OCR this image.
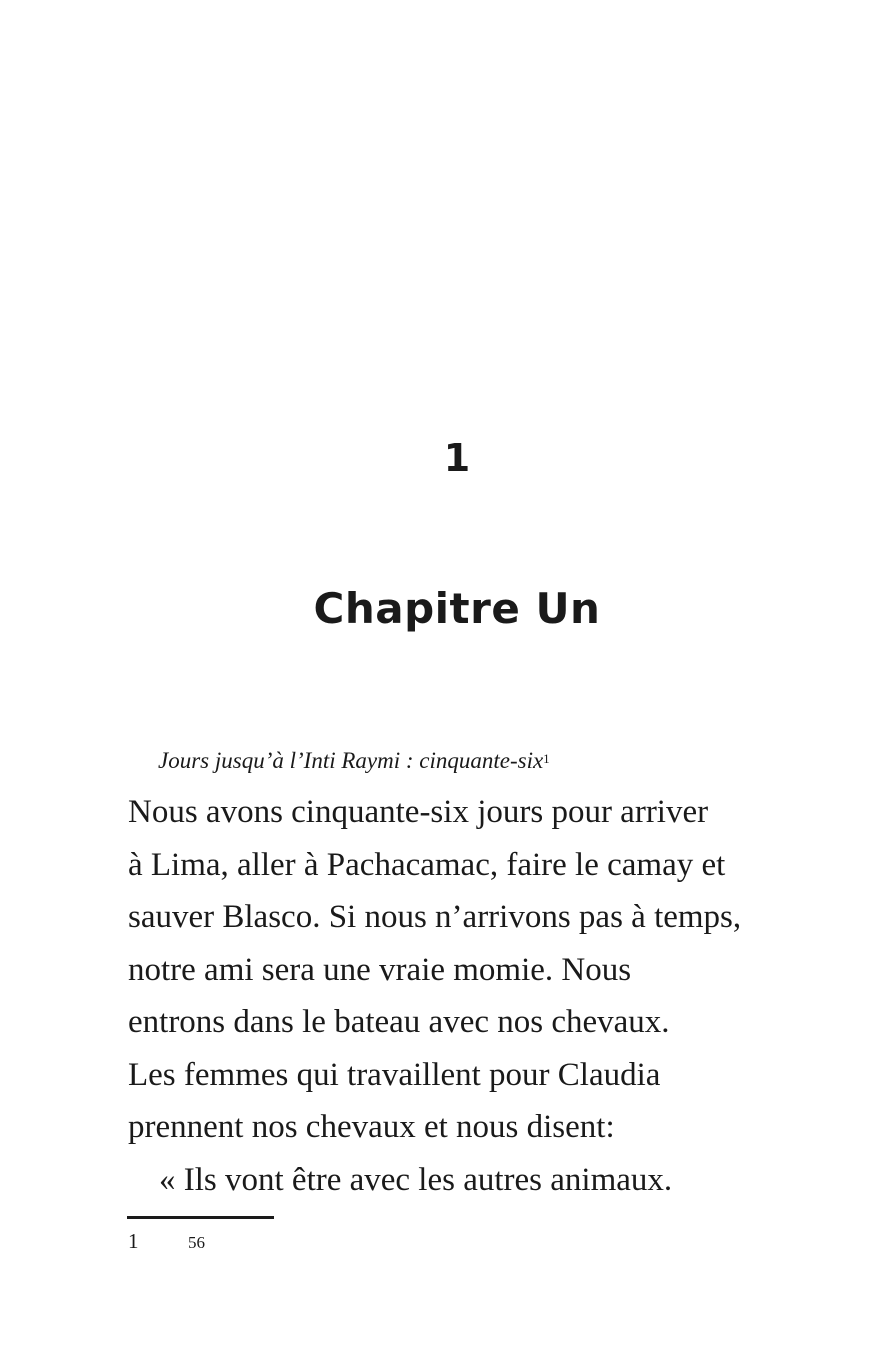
1
Chapitre Un
Jours jusqu’à l’Inti Raymi : cinquante-six$^1$
Nous avons cinquante-six jours pour arriver
à Lima, aller à Pachacamac, faire le camay et
sauver Blasco. Si nous n’arrivons pas à temps,
notre ami sera une vraie momie. Nous
entrons dans le bateau avec nos chevaux.
Les femmes qui travaillent pour Claudia
prennent nos chevaux et nous disent:
« Ils vont être avec les autres animaux.
1	56
